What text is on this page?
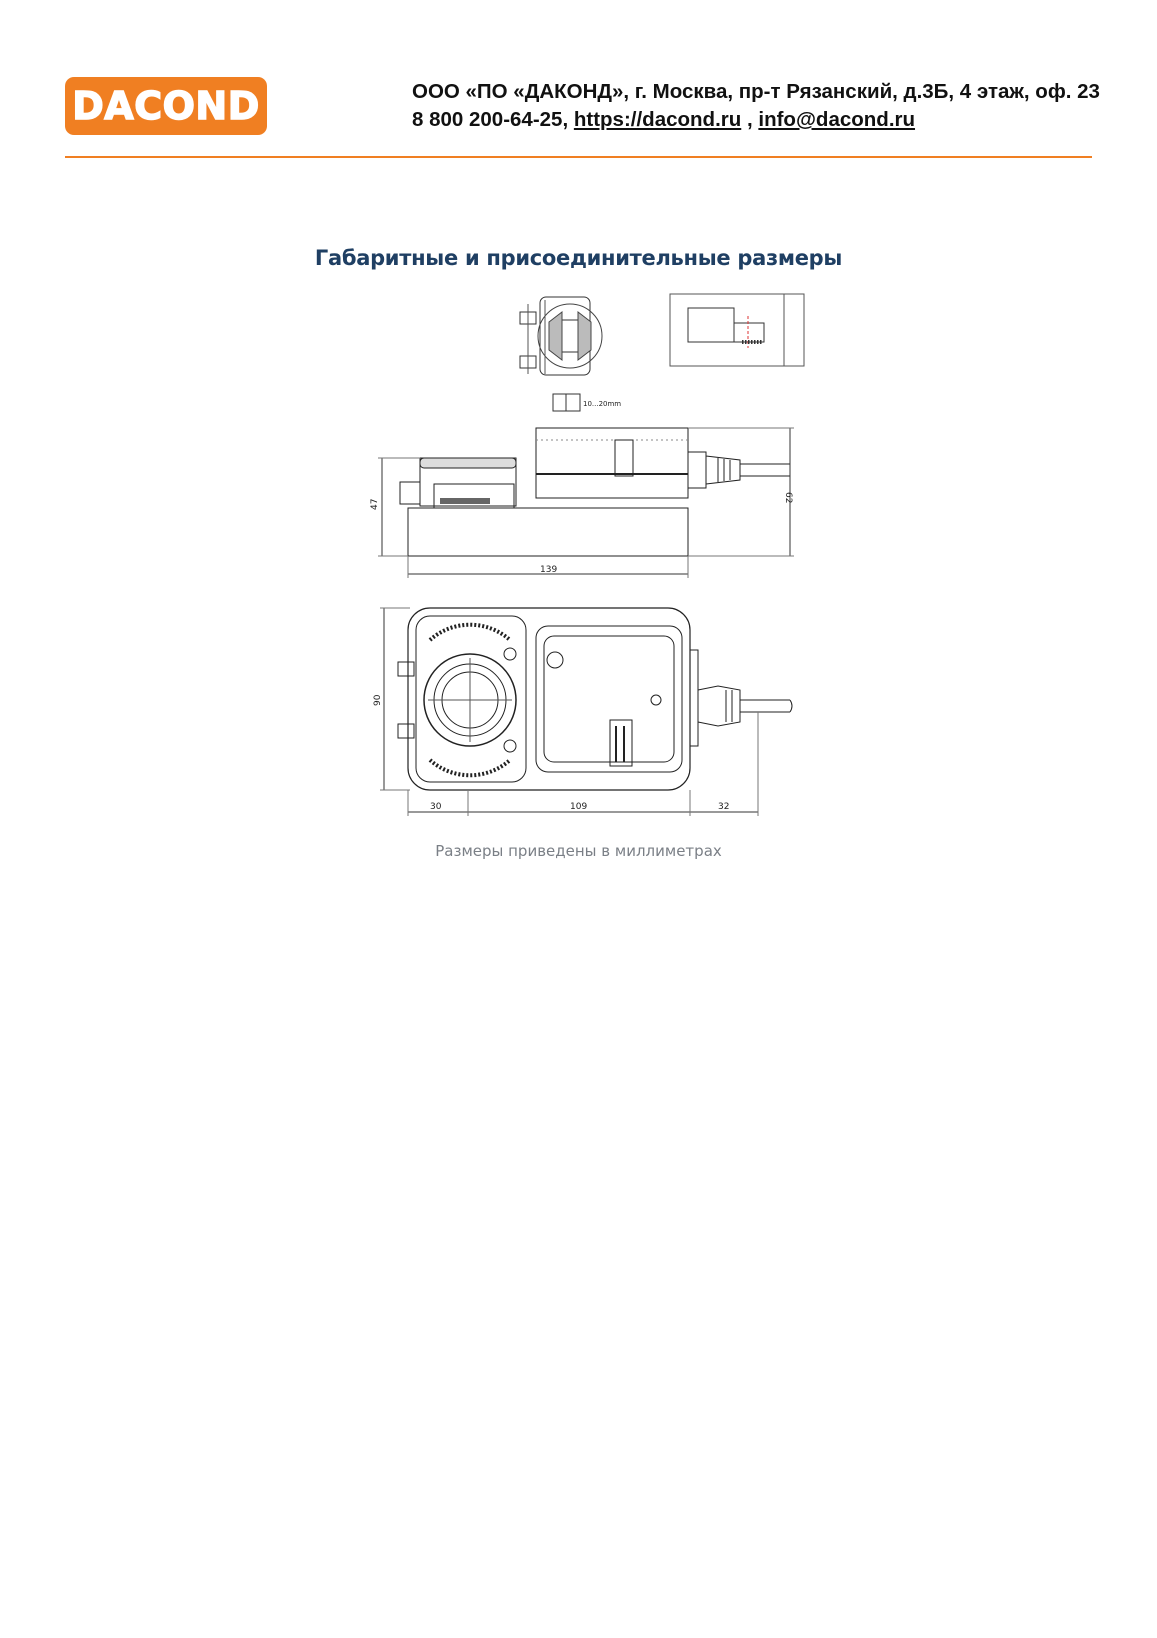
DACOND	ООО «ПО «ДАКОНД», г. Москва, пр-т Рязанский, д.3Б, 4 этаж, оф. 23
8 800 200-64-25, https://dacond.ru , info@dacond.ru
Габаритные и присоединительные размеры
10...20mm
47
62
139
90
30	109	32
Размеры приведены в миллиметрах
